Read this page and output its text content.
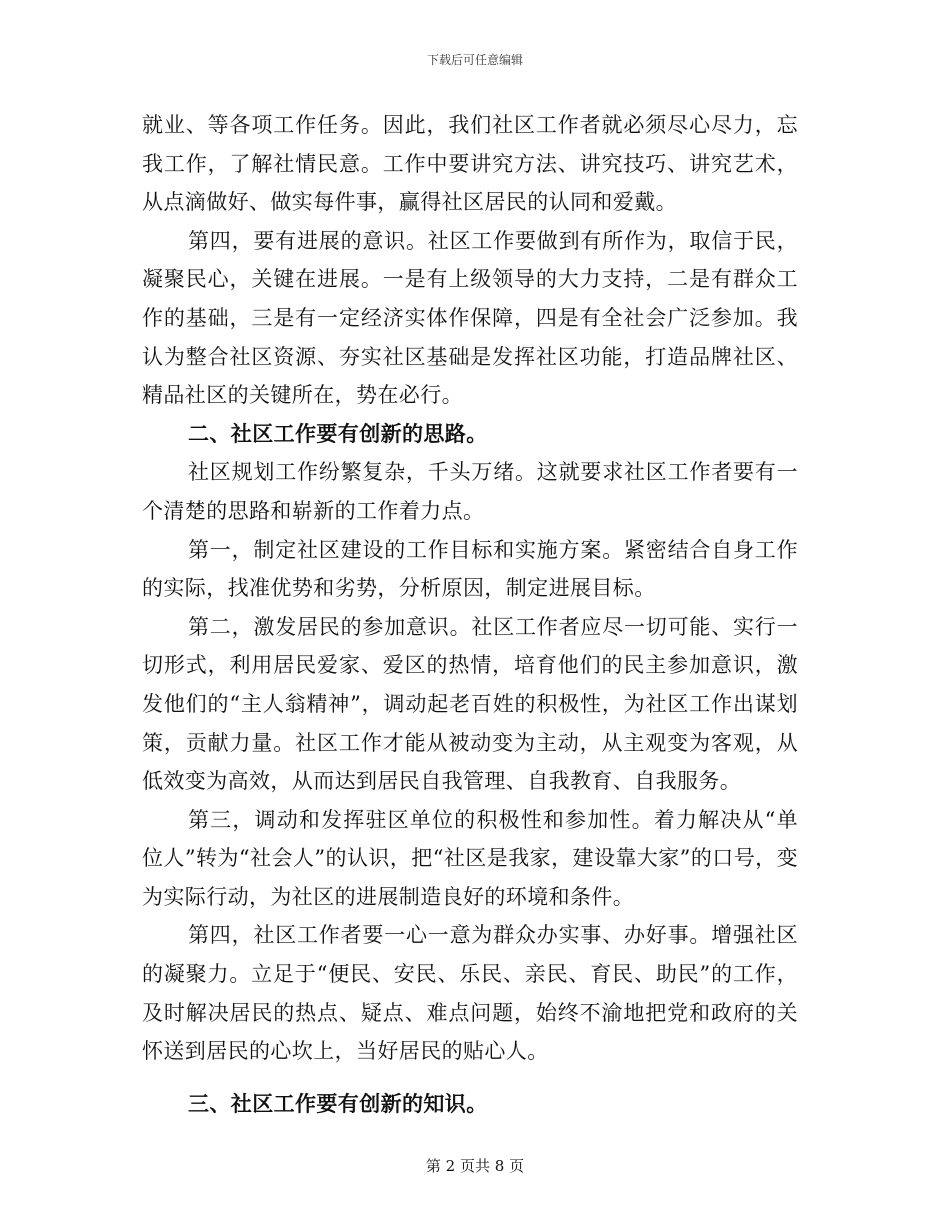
下载后可任意编辑

就业、等各项工作任务。因此，我们社区工作者就必须尽心尽力，忘我工作，了解社情民意。工作中要讲究方法、讲究技巧、讲究艺术，从点滴做好、做实每件事，赢得社区居民的认同和爱戴。

第四，要有进展的意识。社区工作要做到有所作为，取信于民，凝聚民心，关键在进展。一是有上级领导的大力支持，二是有群众工作的基础，三是有一定经济实体作保障，四是有全社会广泛参加。我认为整合社区资源、夯实社区基础是发挥社区功能，打造品牌社区、精品社区的关键所在，势在必行。

二、社区工作要有创新的思路。

社区规划工作纷繁复杂，千头万绪。这就要求社区工作者要有一个清楚的思路和崭新的工作着力点。

第一，制定社区建设的工作目标和实施方案。紧密结合自身工作的实际，找准优势和劣势，分析原因，制定进展目标。

第二，激发居民的参加意识。社区工作者应尽一切可能、实行一切形式，利用居民爱家、爱区的热情，培育他们的民主参加意识，激发他们的“主人翁精神”，调动起老百姓的积极性，为社区工作出谋划策，贡献力量。社区工作才能从被动变为主动，从主观变为客观，从低效变为高效，从而达到居民自我管理、自我教育、自我服务。

第三，调动和发挥驻区单位的积极性和参加性。着力解决从“单位人”转为“社会人”的认识，把“社区是我家，建设靠大家”的口号，变为实际行动，为社区的进展制造良好的环境和条件。

第四，社区工作者要一心一意为群众办实事、办好事。增强社区的凝聚力。立足于“便民、安民、乐民、亲民、育民、助民”的工作，及时解决居民的热点、疑点、难点问题，始终不渝地把党和政府的关怀送到居民的心坎上，当好居民的贴心人。

三、社区工作要有创新的知识。

第 2 页共 8 页
